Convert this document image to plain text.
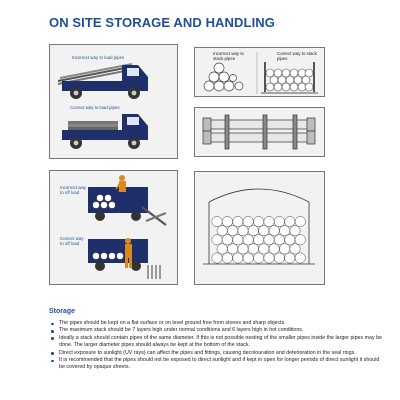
ON SITE STORAGE AND HANDLING
Incorrect way to load pipes
Correct way to load pipes
Incorrect way to stack pipes
Correct way to stack pipes
Incorrect way
to off load
Correct way
to off load
Storage
The pipes should be kept on a flat surface or on level ground free from stones and sharp objects.
The maximum stack should be 7 layers high under normal conditions and 6 layers high in hot conditions.
Ideally a stack should contain pipes of the same diameter. If this is not possible nesting of the smaller pipes inside the larger pipes may be done. The larger diameter pipes should always be kept at the bottom of the stack.
Direct exposure to sunlight (UV rays) can affect the pipes and fittings, causing decolouration and deterioration in the seal rings.
It is recommended that the pipes should not be exposed to direct sunlight and if kept in open for longer periods of direct sunlight it should be covered by opaque sheets.
